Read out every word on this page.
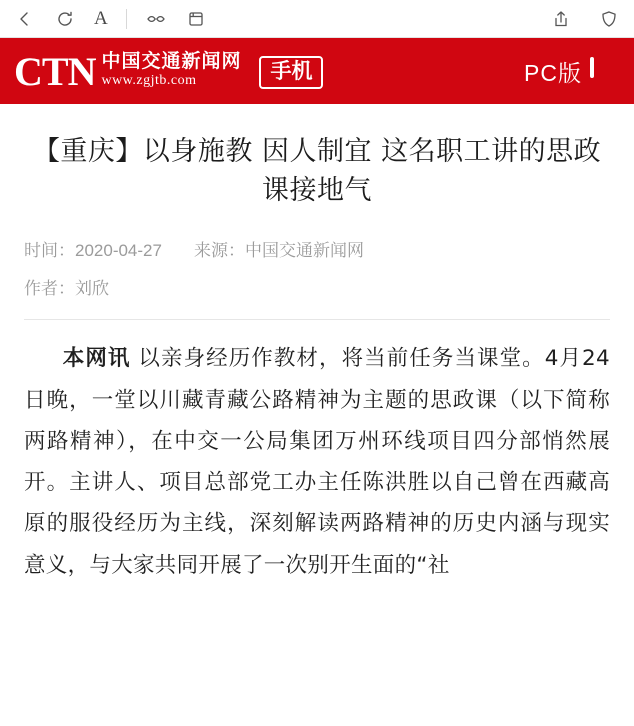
A
CTN 中国交通新闻网
www.zgjtb.com	手机	PC版
【重庆】以身施教 因人制宜 这名职工讲的思政课接地气
时间： 2020-04-27 来源： 中国交通新闻网
作者： 刘欣
本网讯 以亲身经历作教材，将当前任务当课堂。4月24日晚，一堂以川藏青藏公路精神为主题的思政课（以下简称两路精神），在中交一公局集团万州环线项目四分部悄然展开。主讲人、项目总部党工办主任陈洪胜以自己曾在西藏高原的服役经历为主线，深刻解读两路精神的历史内涵与现实意义，与大家共同开展了一次别开生面的“社
